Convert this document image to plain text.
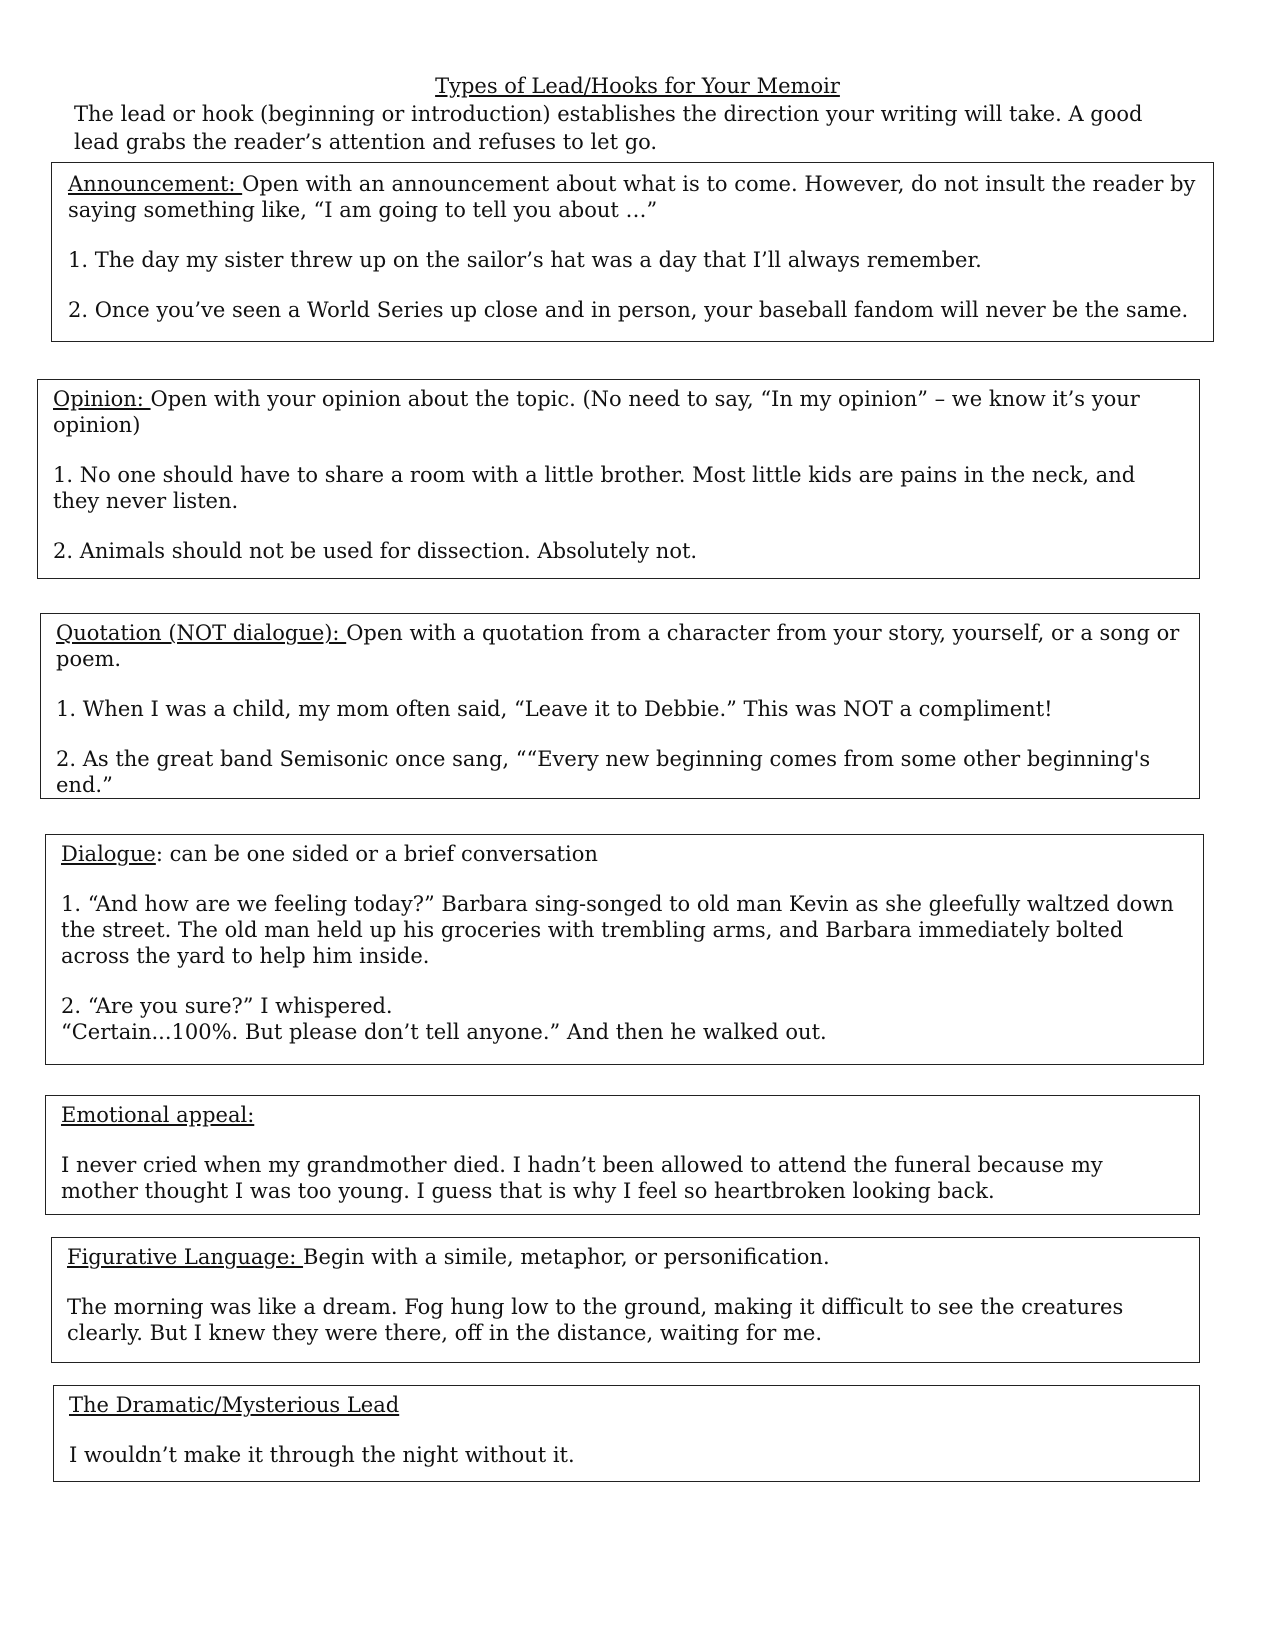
Types of Lead/Hooks for Your Memoir
The lead or hook (beginning or introduction) establishes the direction your writing will take. A good lead grabs the reader’s attention and refuses to let go.

Announcement: Open with an announcement about what is to come. However, do not insult the reader by saying something like, “I am going to tell you about …”

1. The day my sister threw up on the sailor’s hat was a day that I’ll always remember.

2. Once you’ve seen a World Series up close and in person, your baseball fandom will never be the same.

Opinion: Open with your opinion about the topic. (No need to say, “In my opinion” – we know it’s your opinion)

1. No one should have to share a room with a little brother. Most little kids are pains in the neck, and they never listen.

2. Animals should not be used for dissection. Absolutely not.

Quotation (NOT dialogue): Open with a quotation from a character from your story, yourself, or a song or poem.

1. When I was a child, my mom often said, “Leave it to Debbie.” This was NOT a compliment!

2. As the great band Semisonic once sang, ““Every new beginning comes from some other beginning's end.”

Dialogue: can be one sided or a brief conversation

1. “And how are we feeling today?” Barbara sing-songed to old man Kevin as she gleefully waltzed down the street. The old man held up his groceries with trembling arms, and Barbara immediately bolted across the yard to help him inside.

2. “Are you sure?” I whispered.
“Certain...100%. But please don’t tell anyone.” And then he walked out.

Emotional appeal:

I never cried when my grandmother died. I hadn’t been allowed to attend the funeral because my mother thought I was too young. I guess that is why I feel so heartbroken looking back.

Figurative Language: Begin with a simile, metaphor, or personification.

The morning was like a dream. Fog hung low to the ground, making it difficult to see the creatures clearly. But I knew they were there, off in the distance, waiting for me.

The Dramatic/Mysterious Lead

I wouldn’t make it through the night without it.
